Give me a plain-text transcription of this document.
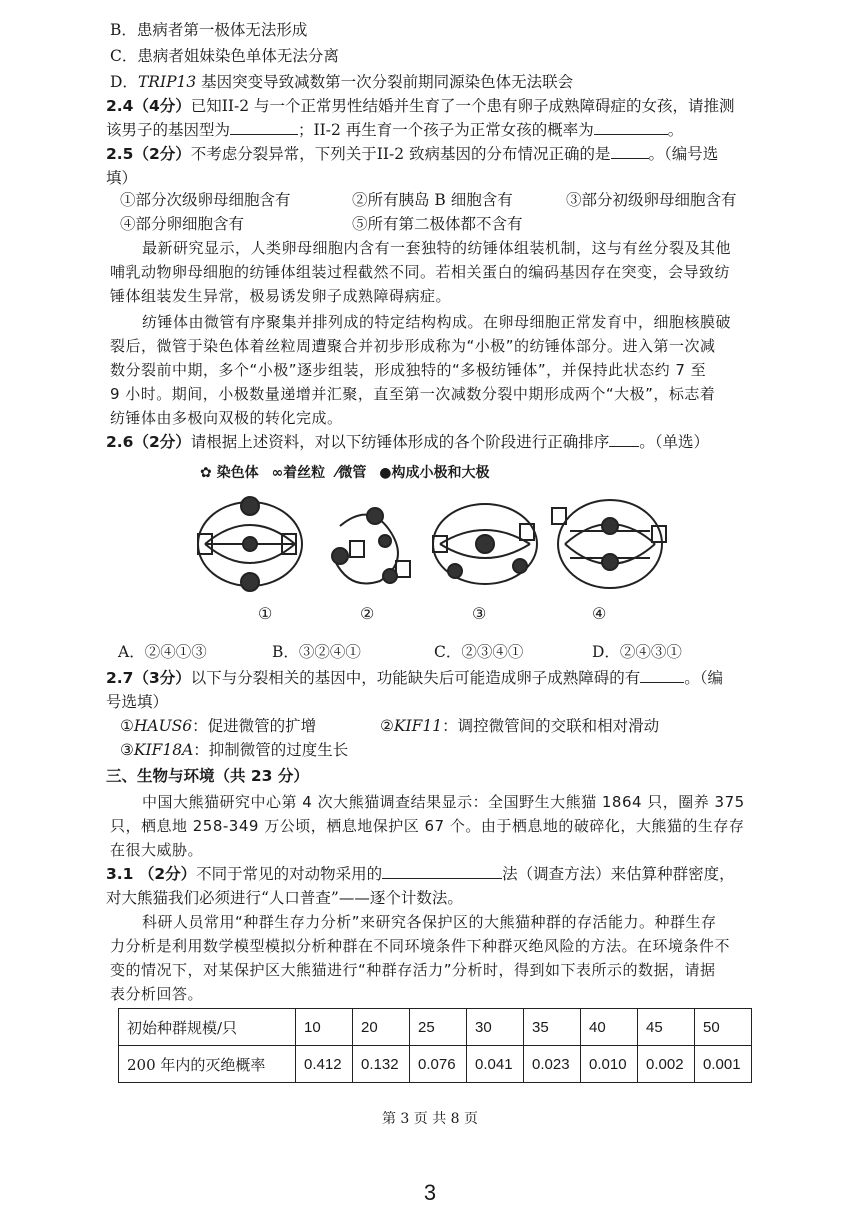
B．患病者第一极体无法形成
C．患病者姐妹染色单体无法分离
D．TRIP13 基因突变导致减数第一次分裂前期同源染色体无法联会
2.4（4分）已知II-2 与一个正常男性结婚并生育了一个患有卵子成熟障碍症的女孩，请推测
该男子的基因型为	；II-2 再生育一个孩子为正常女孩的概率为	。
2.5（2分）不考虑分裂异常，下列关于II-2 致病基因的分布情况正确的是 。（编号选
填）
①部分次级卵母细胞含有	②所有胰岛 B 细胞含有	③部分初级卵母细胞含有
④部分卵细胞含有	⑤所有第二极体都不含有
最新研究显示，人类卵母细胞内含有一套独特的纺锤体组装机制，这与有丝分裂及其他
哺乳动物卵母细胞的纺锤体组装过程截然不同。若相关蛋白的编码基因存在突变，会导致纺
锤体组装发生异常，极易诱发卵子成熟障碍病症。
纺锤体由微管有序聚集并排列成的特定结构构成。在卵母细胞正常发育中，细胞核膜破
裂后，微管于染色体着丝粒周遭聚合并初步形成称为“小极”的纺锤体部分。进入第一次减
数分裂前中期，多个“小极”逐步组装，形成独特的“多极纺锤体”，并保持此状态约 7 至
9 小时。期间，小极数量递增并汇聚，直至第一次减数分裂中期形成两个“大极”，标志着
纺锤体由多极向双极的转化完成。
2.6（2分）请根据上述资料，对以下纺锤体形成的各个阶段进行正确排序 。（单选）
✿ 染色体 ∞着丝粒 ⁄微管 ●构成小极和大极
①	②	③	④
A．②④①③	B．③②④①	C．②③④①	D．②④③①
2.7（3分）以下与分裂相关的基因中，功能缺失后可能造成卵子成熟障碍的有	。（编
号选填）
①HAUS6：促进微管的扩增	②KIF11：调控微管间的交联和相对滑动
③KIF18A：抑制微管的过度生长
三、生物与环境（共 23 分）
中国大熊猫研究中心第 4 次大熊猫调查结果显示：全国野生大熊猫 1864 只，圈养 375
只，栖息地 258-349 万公顷，栖息地保护区 67 个。由于栖息地的破碎化，大熊猫的生存存
在很大威胁。
3.1 （2分）不同于常见的对动物采用的	法（调查方法）来估算种群密度，
对大熊猫我们必须进行“人口普查”——逐个计数法。
科研人员常用“种群生存力分析”来研究各保护区的大熊猫种群的存活能力。种群生存
力分析是利用数学模型模拟分析种群在不同环境条件下种群灭绝风险的方法。在环境条件不
变的情况下，对某保护区大熊猫进行“种群存活力”分析时，得到如下表所示的数据，请据
表分析回答。
初始种群规模/只	10	20	25	30	35	40	45	50
200 年内的灭绝概率	0.412	0.132	0.076	0.041	0.023	0.010	0.002	0.001
第 3 页 共 8 页
3
